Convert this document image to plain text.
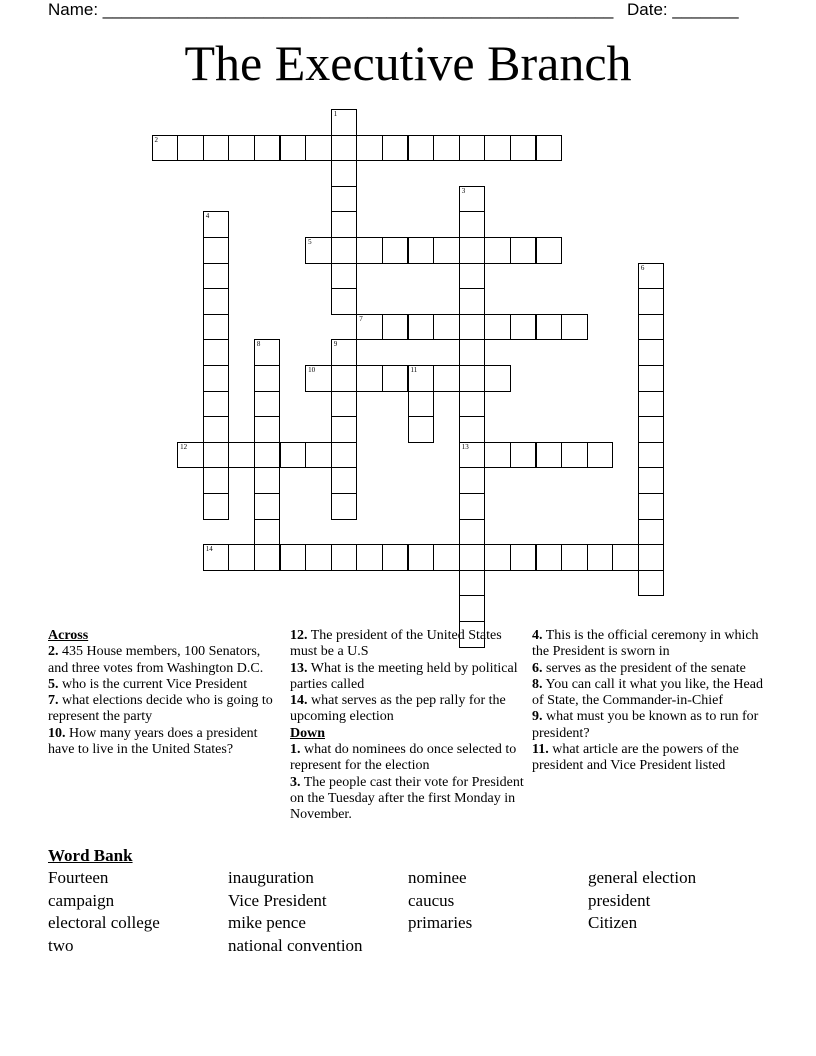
Name: ______________________________________________________ Date: _______
The Executive Branch
1
2
3
13
4
5
6
7
8	9
10	11
12
14
Across
2. 435 House members, 100 Senators, and three votes from Washington D.C.
5. who is the current Vice President
7. what elections decide who is going to represent the party
10. How many years does a president have to live in the United States?
12. The president of the United States must be a U.S
13. What is the meeting held by political parties called
14. what serves as the pep rally for the upcoming election
Down
1. what do nominees do once selected to represent for the election
3. The people cast their vote for President on the Tuesday after the first Monday in November.
4. This is the official ceremony in which the President is sworn in
6. serves as the president of the senate
8. You can call it what you like, the Head of State, the Commander-in-Chief
9. what must you be known as to run for president?
11. what article are the powers of the president and Vice President listed
Word Bank
Fourteen	inauguration	nominee	general election
campaign	Vice President	caucus	president
electoral college	mike pence	primaries	Citizen
two	national convention
